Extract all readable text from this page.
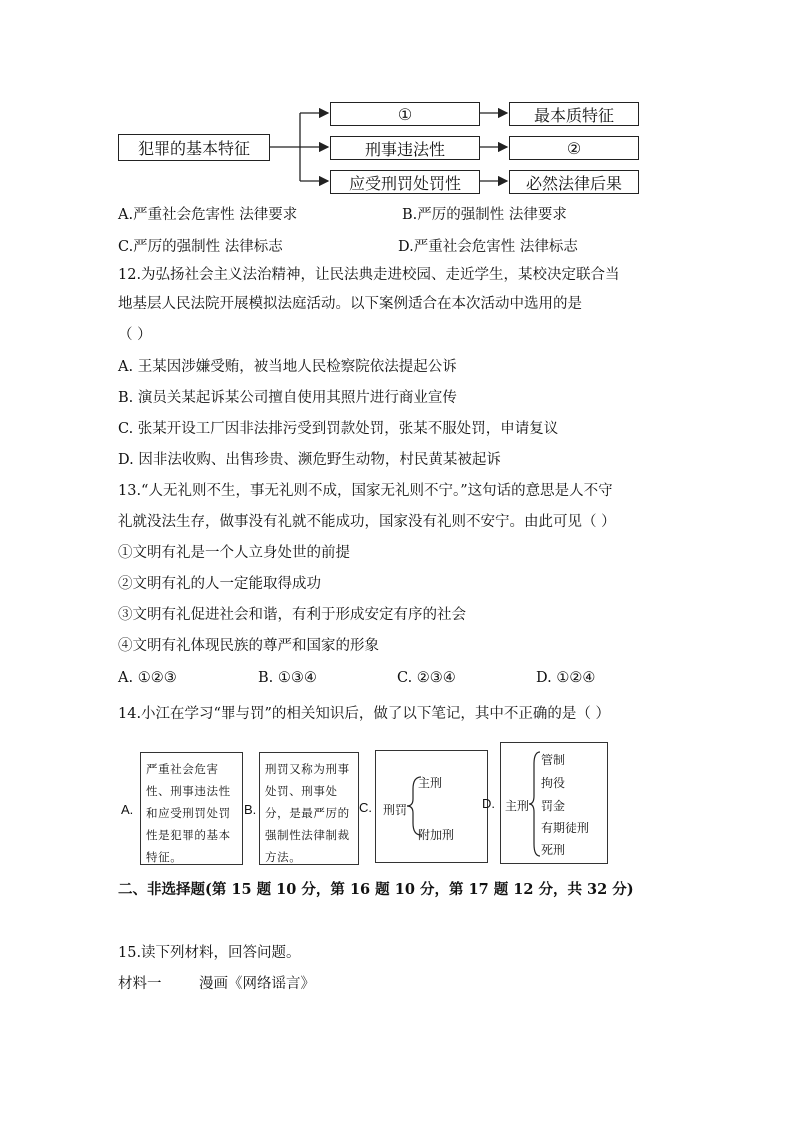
犯罪的基本特征
①
刑事违法性
应受刑罚处罚性
最本质特征
②
必然法律后果
A.严重社会危害性 法律要求	B.严厉的强制性 法律要求
C.严厉的强制性 法律标志	D.严重社会危害性 法律标志
12.为弘扬社会主义法治精神，让民法典走进校园、走近学生，某校决定联合当
地基层人民法院开展模拟法庭活动。以下案例适合在本次活动中选用的是
（ ）
A. 王某因涉嫌受贿，被当地人民检察院依法提起公诉
B. 演员关某起诉某公司擅自使用其照片进行商业宣传
C. 张某开设工厂因非法排污受到罚款处罚，张某不服处罚，申请复议
D. 因非法收购、出售珍贵、濒危野生动物，村民黄某被起诉
13.“人无礼则不生，事无礼则不成，国家无礼则不宁。”这句话的意思是人不守
礼就没法生存，做事没有礼就不能成功，国家没有礼则不安宁。由此可见（ ）
①文明有礼是一个人立身处世的前提
②文明有礼的人一定能取得成功
③文明有礼促进社会和谐，有利于形成安定有序的社会
④文明有礼体现民族的尊严和国家的形象
A. ①②③	B. ①③④	C. ②③④	D. ①②④
14.小江在学习“罪与罚”的相关知识后，做了以下笔记，其中不正确的是（ ）
A.
严重社会危害性、刑事违法性和应受刑罚处罚性是犯罪的基本特征。
B.
刑罚又称为刑事处罚、刑事处分，是最严厉的强制性法律制裁方法。
C. 刑罚
主刑
附加刑
D. 主刑
管制
拘役
罚金
有期徒刑
死刑
二、非选择题(第 15 题 10 分，第 16 题 10 分，第 17 题 12 分，共 32 分)
15.读下列材料，回答问题。
材料一	漫画《网络谣言》
